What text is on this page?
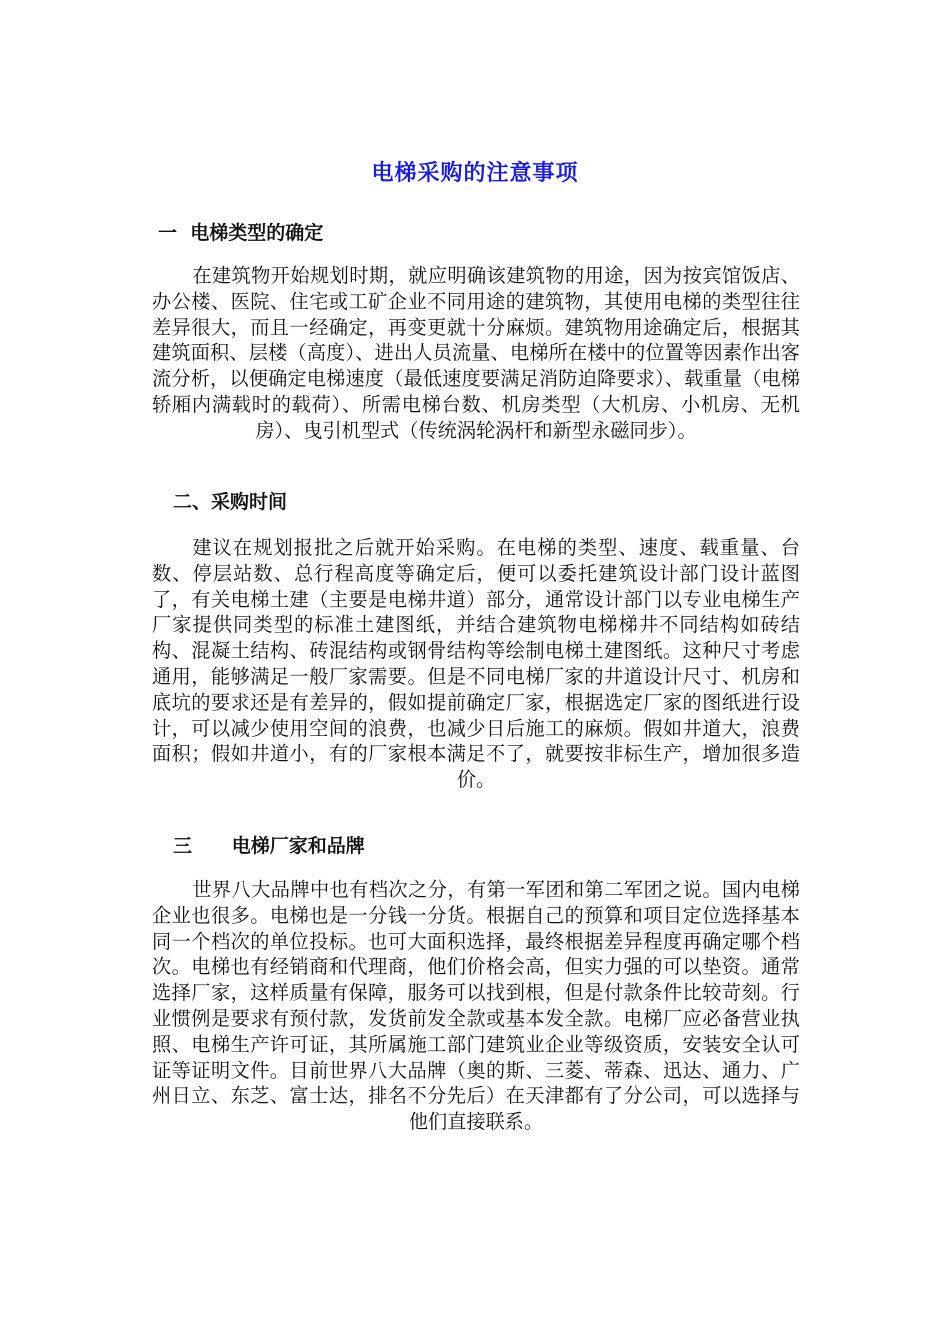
电梯采购的注意事项
一  电梯类型的确定
在建筑物开始规划时期，就应明确该建筑物的用途，因为按宾馆饭店、办公楼、医院、住宅或工矿企业不同用途的建筑物，其使用电梯的类型往往差异很大，而且一经确定，再变更就十分麻烦。建筑物用途确定后，根据其建筑面积、层楼（高度）、进出人员流量、电梯所在楼中的位置等因素作出客流分析，以便确定电梯速度（最低速度要满足消防迫降要求）、载重量（电梯轿厢内满载时的载荷）、所需电梯台数、机房类型（大机房、小机房、无机房）、曳引机型式（传统涡轮涡杆和新型永磁同步）。
二、采购时间
建议在规划报批之后就开始采购。在电梯的类型、速度、载重量、台数、停层站数、总行程高度等确定后，便可以委托建筑设计部门设计蓝图了，有关电梯土建（主要是电梯井道）部分，通常设计部门以专业电梯生产厂家提供同类型的标准土建图纸，并结合建筑物电梯梯井不同结构如砖结构、混凝土结构、砖混结构或钢骨结构等绘制电梯土建图纸。这种尺寸考虑通用，能够满足一般厂家需要。但是不同电梯厂家的井道设计尺寸、机房和底坑的要求还是有差异的，假如提前确定厂家，根据选定厂家的图纸进行设计，可以减少使用空间的浪费，也减少日后施工的麻烦。假如井道大，浪费面积；假如井道小，有的厂家根本满足不了，就要按非标生产，增加很多造价。
三      电梯厂家和品牌
世界八大品牌中也有档次之分，有第一军团和第二军团之说。国内电梯企业也很多。电梯也是一分钱一分货。根据自己的预算和项目定位选择基本同一个档次的单位投标。也可大面积选择，最终根据差异程度再确定哪个档次。电梯也有经销商和代理商，他们价格会高，但实力强的可以垫资。通常选择厂家，这样质量有保障，服务可以找到根，但是付款条件比较苛刻。行业惯例是要求有预付款，发货前发全款或基本发全款。电梯厂应必备营业执照、电梯生产许可证，其所属施工部门建筑业企业等级资质，安装安全认可证等证明文件。目前世界八大品牌（奥的斯、三菱、蒂森、迅达、通力、广州日立、东芝、富士达，排名不分先后）在天津都有了分公司，可以选择与他们直接联系。
